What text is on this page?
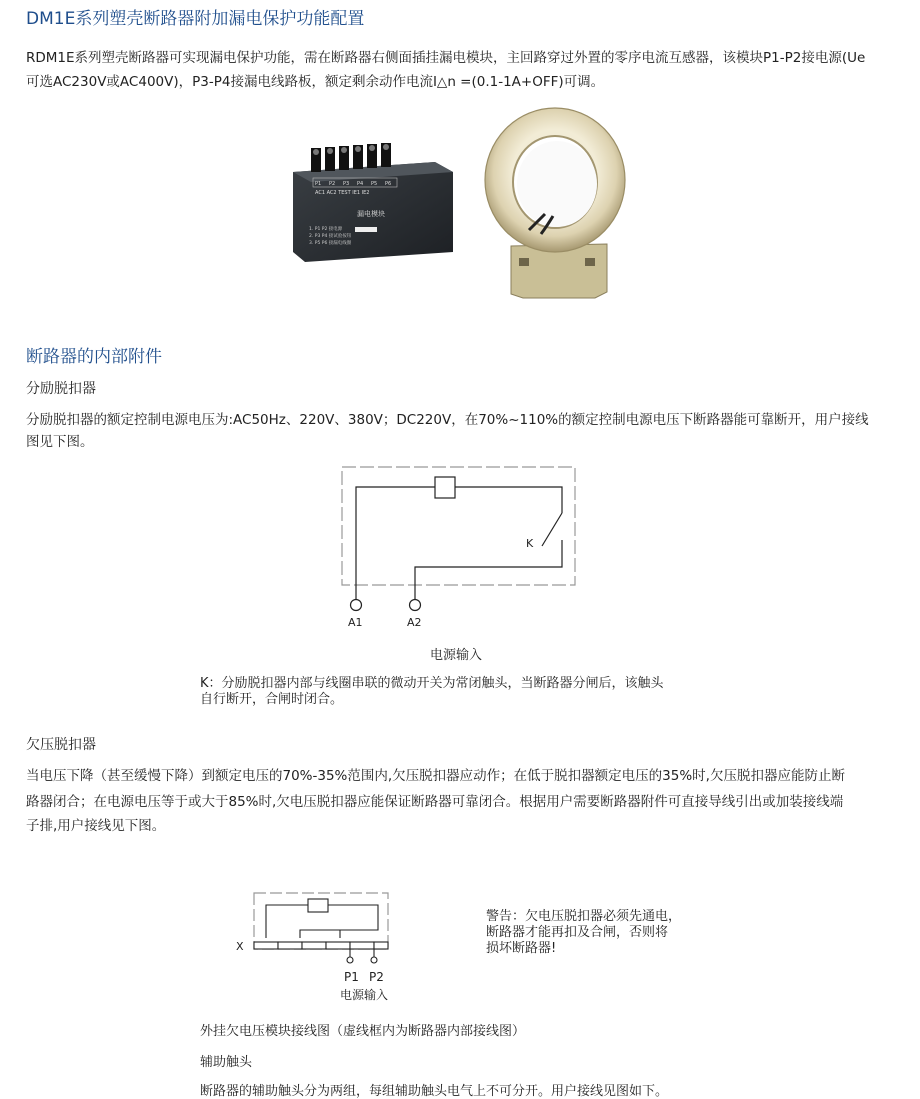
DM1E系列塑壳断路器附加漏电保护功能配置
RDM1E系列塑壳断路器可实现漏电保护功能，需在断路器右侧面插挂漏电模块，主回路穿过外置的零序电流互感器，该模块P1-P2接电源(Ue
可选AC230V或AC400V)，P3-P4接漏电线路板，额定剩余动作电流I△n =(0.1-1A+OFF)可调。
P1 P2 P3 P4 P5 P6
AC1 AC2 TEST IE1 IE2
漏电模块
1. P1 P2 接电源
2. P3 P4 接试验按钮
3. P5 P6 接漏电线圈
断路器的内部附件
分励脱扣器
分励脱扣器的额定控制电源电压为:AC50Hz、220V、380V；DC220V，在70%~110%的额定控制电源电压下断路器能可靠断开，用户接线
图见下图。
K
A1	A2
电源输入
K：分励脱扣器内部与线圈串联的微动开关为常闭触头，当断路器分闸后，该触头
自行断开，合闸时闭合。
欠压脱扣器
当电压下降（甚至缓慢下降）到额定电压的70%-35%范围内,欠压脱扣器应动作；在低于脱扣器额定电压的35%时,欠压脱扣器应能防止断
路器闭合；在电源电压等于或大于85%时,欠电压脱扣器应能保证断路器可靠闭合。根据用户需要断路器附件可直接导线引出或加装接线端
子排,用户接线见下图。
X
P1 P2
电源输入
警告：欠电压脱扣器必须先通电，
断路器才能再扣及合闸，否则将
损坏断路器!
外挂欠电压模块接线图（虚线框内为断路器内部接线图）
辅助触头
断路器的辅助触头分为两组，每组辅助触头电气上不可分开。用户接线见图如下。
